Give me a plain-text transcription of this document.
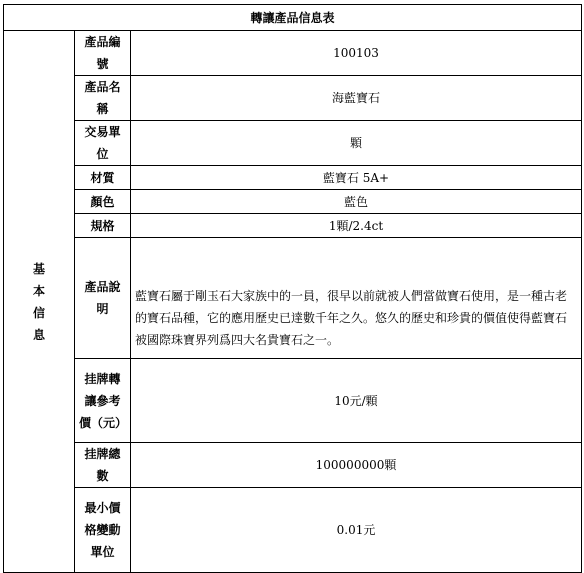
轉讓產品信息表		

基本信息	產品編號	100103
	產品名稱	海藍寶石
	交易單位	顆
	材質	藍寶石 5A+
	顏色	藍色
	規格	1顆/2.4ct
	產品說明	藍寶石屬于剛玉石大家族中的一員，很早以前就被人們當做寶石使用，是一種古老的寶石品種，它的應用歷史已達數千年之久。悠久的歷史和珍貴的價值使得藍寶石被國際珠寶界列爲四大名貴寶石之一。

	挂牌轉讓參考價（元）	10元/顆
	挂牌總數	100000000顆
	最小價格變動單位	0.01元
